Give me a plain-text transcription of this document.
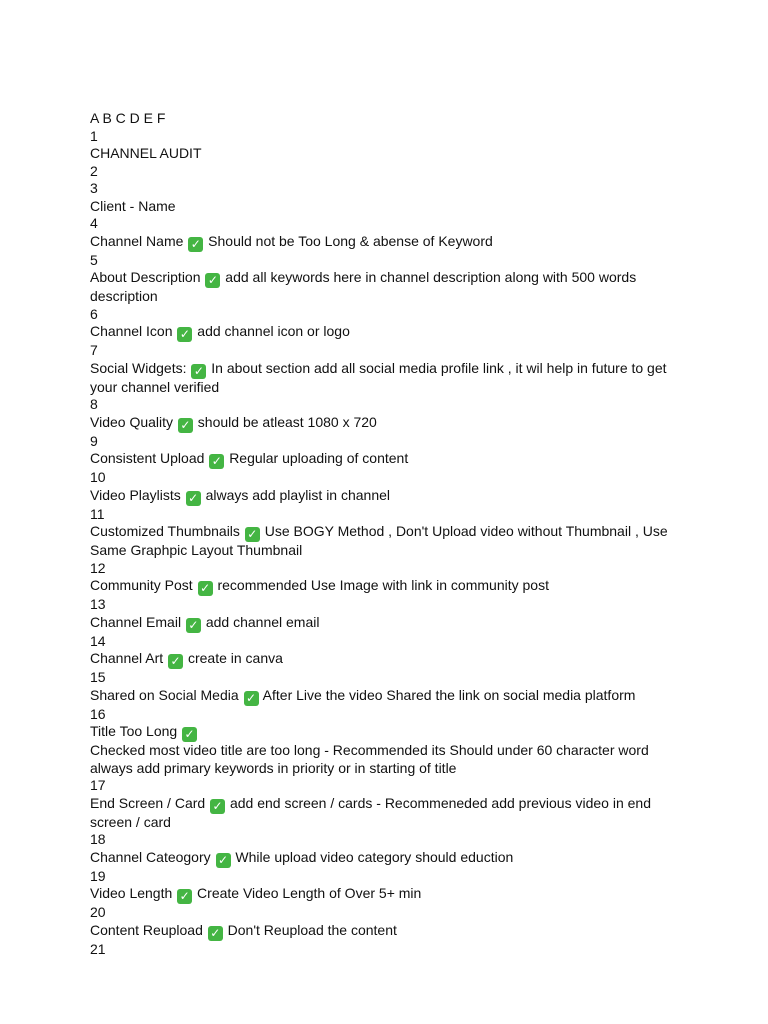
A B C D E F
1
CHANNEL AUDIT
2
3
Client - Name
4
Channel Name ✓ Should not be Too Long & abense of Keyword
5
About Description ✓ add all keywords here in channel description along with 500 words description
6
Channel Icon ✓ add channel icon or logo
7
Social Widgets: ✓ In about section add all social media profile link , it wil help in future to get your channel verified
8
Video Quality ✓ should be atleast 1080 x 720
9
Consistent Upload ✓ Regular uploading of content
10
Video Playlists ✓ always add playlist in channel
11
Customized Thumbnails ✓ Use BOGY Method , Don't Upload video without Thumbnail , Use Same Graphpic Layout Thumbnail
12
Community Post ✓ recommended Use Image with link in community post
13
Channel Email ✓ add channel email
14
Channel Art ✓ create in canva
15
Shared on Social Media ✓ After Live the video Shared the link on social media platform
16
Title Too Long ✓
Checked most video title are too long - Recommended its Should under 60 character word always add primary keywords in priority or in starting of title
17
End Screen / Card ✓ add end screen / cards - Recommeneded add previous video in end screen / card
18
Channel Cateogory ✓ While upload video category should eduction
19
Video Length ✓ Create Video Length of Over 5+ min
20
Content Reupload ✓ Don't Reupload the content
21
